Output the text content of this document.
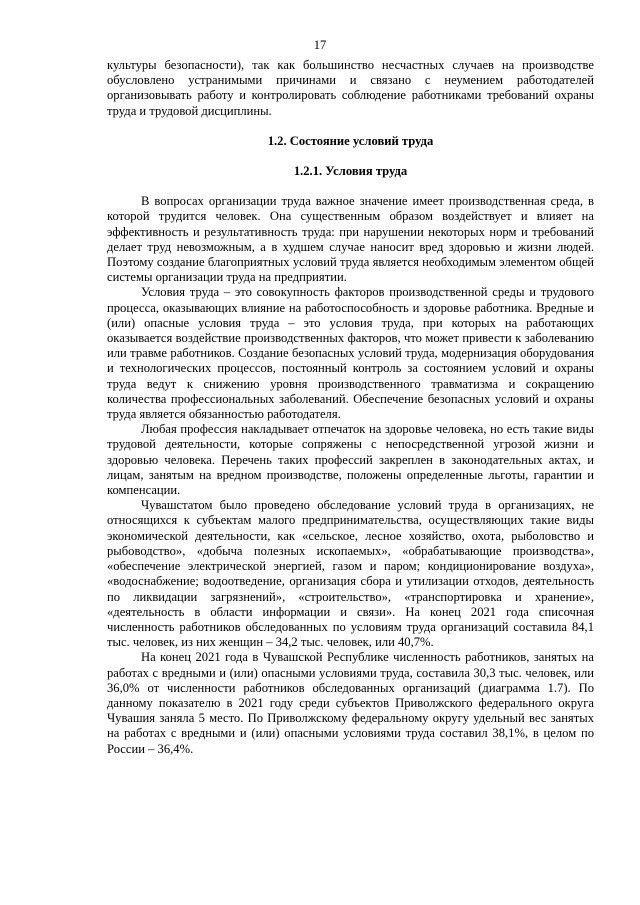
17

культуры безопасности), так как большинство несчастных случаев на производстве обусловлено устранимыми причинами и связано с неумением работодателей организовывать работу и контролировать соблюдение работниками требований охраны труда и трудовой дисциплины.

1.2. Состояние условий труда
1.2.1. Условия труда

В вопросах организации труда важное значение имеет производственная среда, в которой трудится человек. Она существенным образом воздействует и влияет на эффективность и результативность труда: при нарушении некоторых норм и требований делает труд невозможным, а в худшем случае наносит вред здоровью и жизни людей. Поэтому создание благоприятных условий труда является необходимым элементом общей системы организации труда на предприятии.

Условия труда – это совокупность факторов производственной среды и трудового процесса, оказывающих влияние на работоспособность и здоровье работника. Вредные и (или) опасные условия труда – это условия труда, при которых на работающих оказывается воздействие производственных факторов, что может привести к заболеванию или травме работников. Создание безопасных условий труда, модернизация оборудования и технологических процессов, постоянный контроль за состоянием условий и охраны труда ведут к снижению уровня производственного травматизма и сокращению количества профессиональных заболеваний. Обеспечение безопасных условий и охраны труда является обязанностью работодателя.

Любая профессия накладывает отпечаток на здоровье человека, но есть такие виды трудовой деятельности, которые сопряжены с непосредственной угрозой жизни и здоровью человека. Перечень таких профессий закреплен в законодательных актах, и лицам, занятым на вредном производстве, положены определенные льготы, гарантии и компенсации.

Чувашстатом было проведено обследование условий труда в организациях, не относящихся к субъектам малого предпринимательства, осуществляющих такие виды экономической деятельности, как «сельское, лесное хозяйство, охота, рыболовство и рыбоводство», «добыча полезных ископаемых», «обрабатывающие производства», «обеспечение электрической энергией, газом и паром; кондиционирование воздуха», «водоснабжение; водоотведение, организация сбора и утилизации отходов, деятельность по ликвидации загрязнений», «строительство», «транспортировка и хранение», «деятельность в области информации и связи». На конец 2021 года списочная численность работников обследованных по условиям труда организаций составила 84,1 тыс. человек, из них женщин – 34,2 тыс. человек, или 40,7%.

На конец 2021 года в Чувашской Республике численность работников, занятых на работах с вредными и (или) опасными условиями труда, составила 30,3 тыс. человек, или 36,0% от численности работников обследованных организаций (диаграмма 1.7). По данному показателю в 2021 году среди субъектов Приволжского федерального округа Чувашия заняла 5 место. По Приволжскому федеральному округу удельный вес занятых на работах с вредными и (или) опасными условиями труда составил 38,1%, в целом по России – 36,4%.
